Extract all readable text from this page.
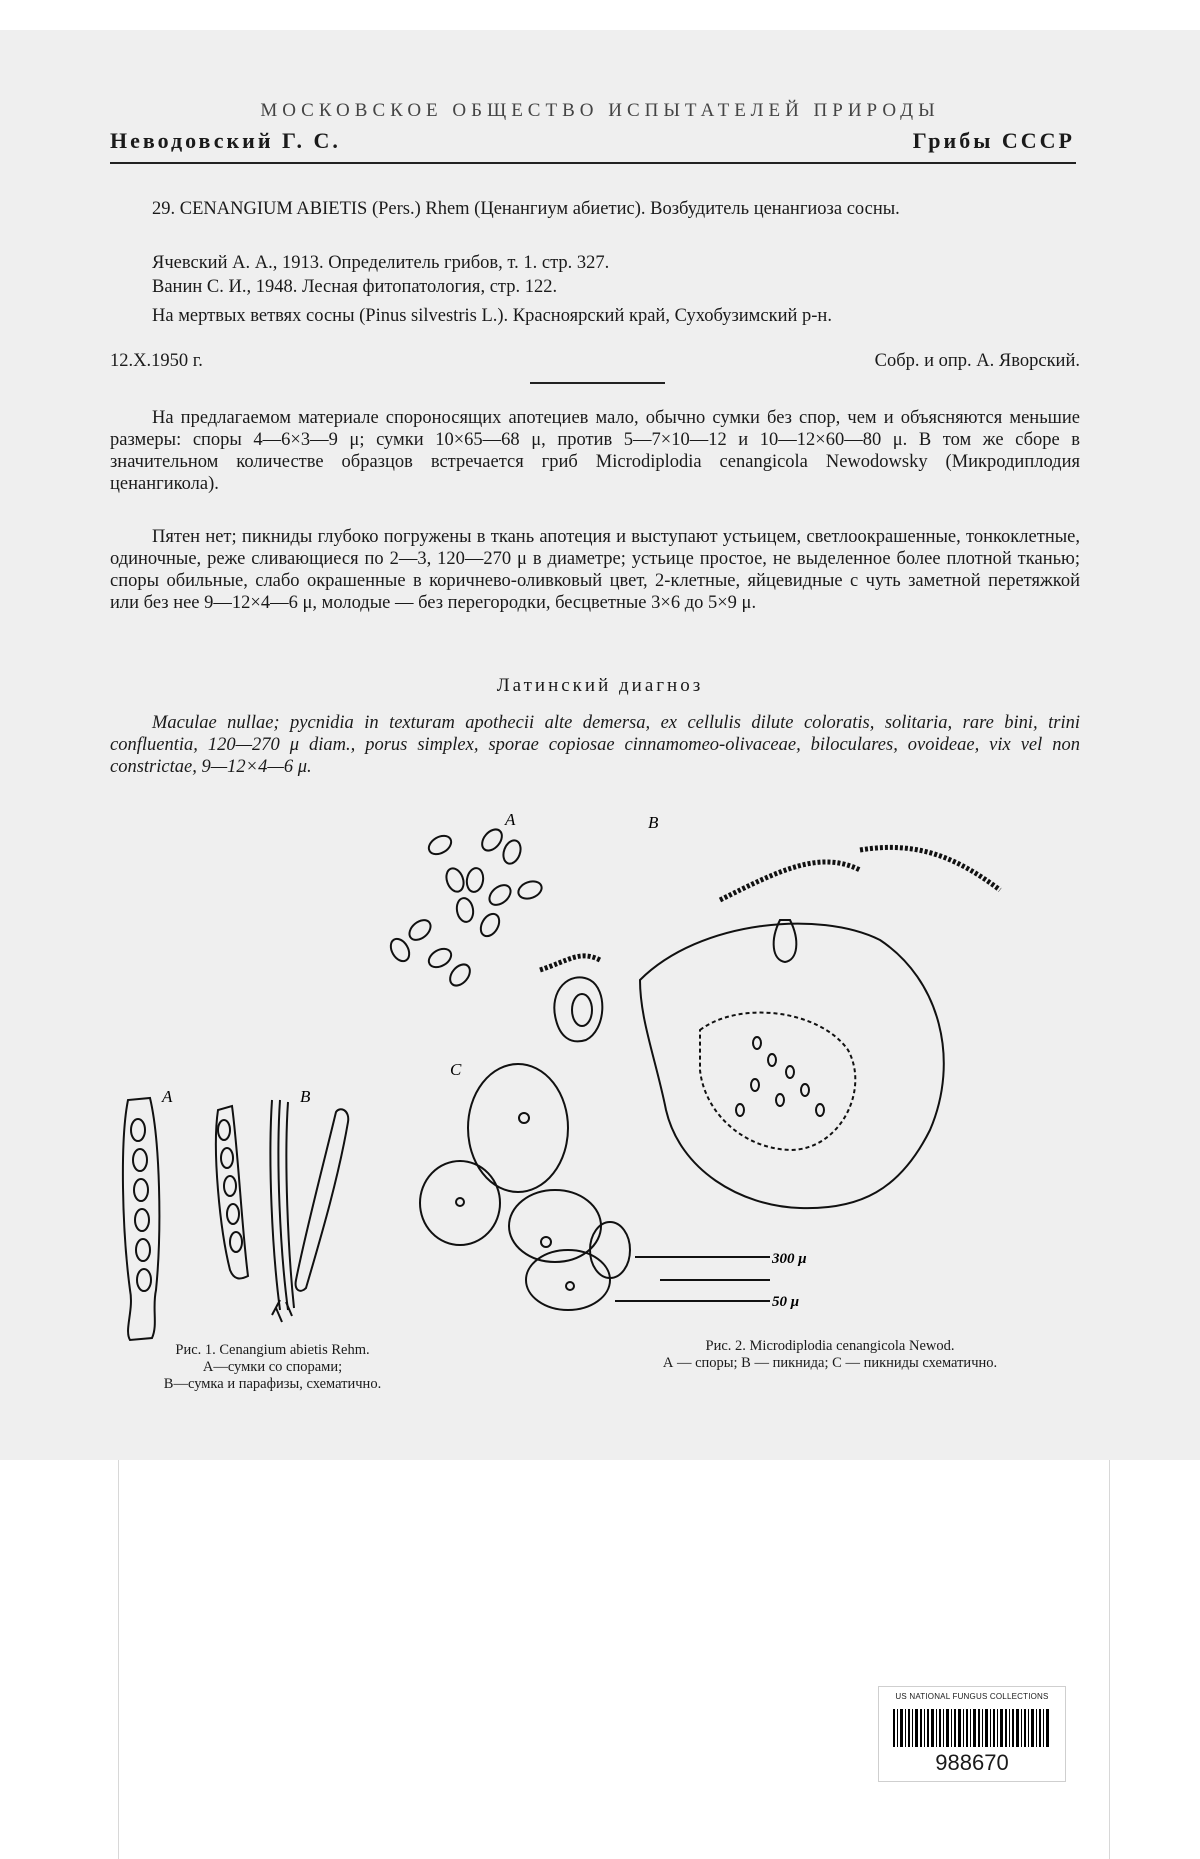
МОСКОВСКОЕ ОБЩЕСТВО ИСПЫТАТЕЛЕЙ ПРИРОДЫ
Неводовский Г. С.	Грибы СССР
29. CENANGIUM ABIETIS (Pers.) Rhem (Ценангиум абиетис). Возбудитель ценангиоза сосны.
Ячевский А. А., 1913. Определитель грибов, т. 1. стр. 327.
Ванин С. И., 1948. Лесная фитопатология, стр. 122.
На мертвых ветвях сосны (Pinus silvestris L.). Красноярский край, Сухобузимский р-н.
12.X.1950 г.	Собр. и опр. А. Яворский.
На предлагаемом материале спороносящих апотециев мало, обычно сумки без спор, чем и объясняются меньшие размеры: споры 4—6×3—9 μ; сумки 10×65—68 μ, против 5—7×10—12 и 10—12×60—80 μ. В том же сборе в значительном количестве образцов встречается гриб Microdiplodia cenangicola Newodowsky (Микродиплодия ценангикола).
Пятен нет; пикниды глубоко погружены в ткань апотеция и выступают устьицем, светлоокрашенные, тонкоклетные, одиночные, реже сливающиеся по 2—3, 120—270 μ в диаметре; устьице простое, не выделенное более плотной тканью; споры обильные, слабо окрашенные в коричнево-оливковый цвет, 2-клетные, яйцевидные с чуть заметной перетяжкой или без нее 9—12×4—6 μ, молодые — без перегородки, бесцветные 3×6 до 5×9 μ.
Латинский диагноз
Maculae nullae; pycnidia in texturam apothecii alte demersa, ex cellulis dilute coloratis, solitaria, rare bini, trini confluentia, 120—270 μ diam., porus simplex, sporae copiosae cinnamomeo-olivaceae, biloculares, ovoideae, vix vel non constrictae, 9—12×4—6 μ.
А	В
A	B
C
300 μ
50 μ
Рис. 1. Cenangium abietis Rehm.
А—сумки со спорами;
В—сумка и парафизы, схематично.
Рис. 2. Microdiplodia cenangicola Newod.
А — споры; В — пикнида; С — пикниды схематично.
US NATIONAL FUNGUS COLLECTIONS
988670
